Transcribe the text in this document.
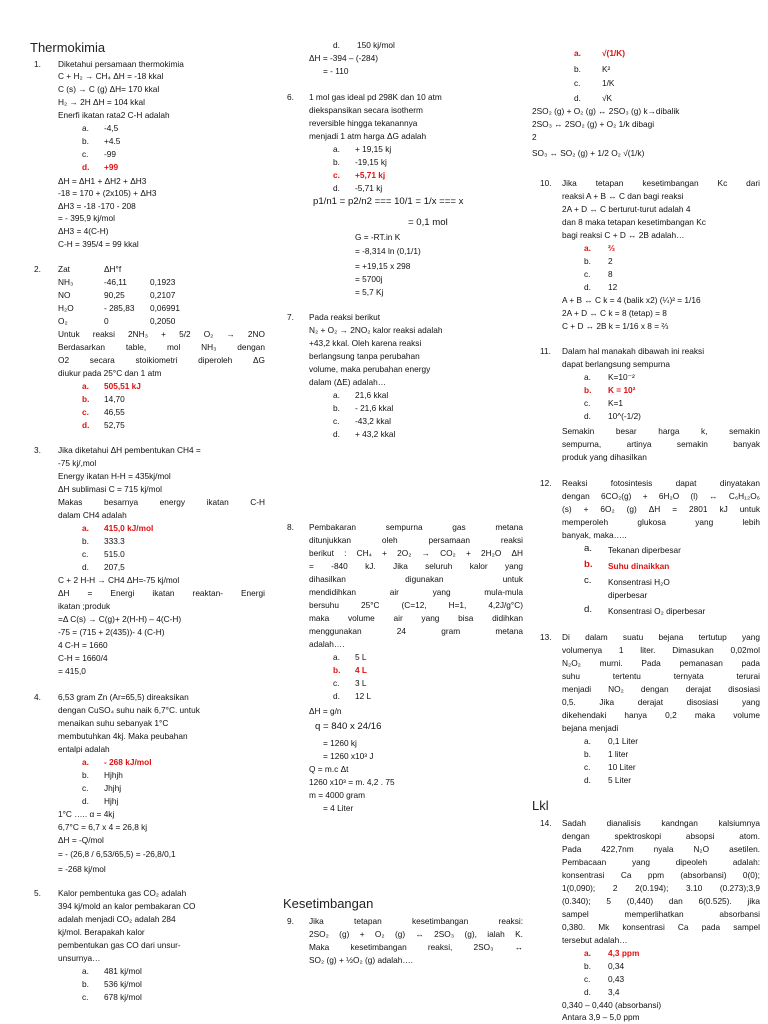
Thermokimia
1. Diketahui persamaan thermokimia
C + H₂ → CH₄ ΔH = -18 kkal
C (s) → C (g) ΔH= 170 kkal
H₂ → 2H ΔH = 104 kkal
Enerfi ikatan rata2 C-H adalah
a. -4,5
b. +4.5
c. -99
d. +99
ΔH = ΔH1 + ΔH2 + ΔH3
-18 = 170 + (2x105) + ΔH3
ΔH3 = -18 -170 - 208
= - 395,9 kj/mol
ΔH3 = 4(C-H)
C-H = 395/4 = 99 kkal
2. Zat	ΔH°f
NH₃	-46,11	0,1923
NO	90,25	0,2107
H₂O	- 285,83 0,06991
O₂	0	0,2050
Untuk reaksi 2NH₃ + 5/2 O₂ → 2NO
Berdasarkan table, mol NH₃ dengan
O2 secara stoikiometri diperoleh ΔG
diukur pada 25°C dan 1 atm
a. 505,51 kJ
b. 14,70
c. 46,55
d. 52,75
3. Jika diketahui ΔH pembentukan CH4 =
-75 kj/,mol
Energy ikatan H-H = 435kj/mol
ΔH sublimasi C = 715 kj/mol
Makas besarnya energy ikatan C-H
dalam CH4 adalah
a. 415,0 kJ/mol
b. 333.3
c. 515.0
d. 207,5
C + 2 H-H → CH4 ΔH=-75 kj/mol
ΔH = Energi ikatan reaktan- Energi
ikatan ;produk
=Δ C(s) → C(g)+ 2(H-H) – 4(C-H)
-75 = (715 + 2(435))- 4 (C-H)
4 C-H = 1660
C-H = 1660/4
= 415,0
4. 6,53 gram Zn (Ar=65,5) direaksikan
dengan CuSO₄ suhu naik 6,7°C. untuk
menaikan suhu sebanyak 1°C
membutuhkan 4kj. Maka peubahan
entalpi adalah
a. - 268 kJ/mol
b. Hjhjh
c. Jhjhj
d. Hjhj
1°C ….. α = 4kj
6,7°C = 6,7 x 4 = 26,8 kj
ΔH = -Q/mol
= - (26,8 / 6,53/65,5) = -26,8/0,1
= -268 kj/mol
5. Kalor pembentuka gas CO₂ adalah
394 kj/mold an kalor pembakaran CO
adalah menjadi CO₂ adalah 284
kj/mol. Berapakah kalor
pembentukan gas CO dari unsur-
unsurnya…
a. 481 kj/mol
b. 536 kj/mol
c. 678 kj/mol
d. 150 kj/mol
ΔH = -394 – (-284)
= - 110
6. 1 mol gas ideal pd 298K dan 10 atm
diekspansikan secara isotherm
reversible hingga tekanannya
menjadi 1 atm harga ΔG adalah
a. + 19,15 kj
b. -19,15 kj
c. +5,71 kj
d. -5,71 kj
p1/n1 = p2/n2 === 10/1 = 1/x === x
= 0,1 mol
G = -RT.in K
= -8,314 ln (0,1/1)
= +19,15 x 298
= 5700j
= 5,7 Kj
7. Pada reaksi berikut
N₂ + O₂ → 2NO₂ kalor reaksi adalah
+43,2 kkal. Oleh karena reaksi
berlangsung tanpa perubahan
volume, maka perubahan energy
dalam (ΔE) adalah…
a. 21,6 kkal
b. - 21,6 kkal
c. -43,2 kkal
d. + 43,2 kkal
8. Pembakaran sempurna gas metana
ditunjukkan oleh persamaan reaksi
berikut : CH₄ + 2O₂ → CO₂ + 2H₂O ΔH
= -840 kJ. Jika seluruh kalor yang
dihasilkan digunakan untuk
mendidihkan air yang mula-mula
bersuhu 25°C (C=12, H=1, 4,2J/g°C)
maka volume air yang bisa didihkan
menggunakan 24 gram metana
adalah….
a. 5 L
b. 4 L
c. 3 L
d. 12 L
ΔH = g/n
q = 840 x 24/16
= 1260 kj
= 1260 x10³ J
Q = m.c Δt
1260 x10³ = m. 4,2 . 75
m = 4000 gram
= 4 Liter
Kesetimbangan
9. Jika tetapan kesetimbangan reaksi:
2SO₂ (g) + O₂ (g) ↔ 2SO₃ (g), ialah K.
Maka kesetimbangan reaksi, 2SO₃ ↔
SO₂ (g) + ½O₂ (g) adalah….
a.	√(1/K)
b.	K²
c.	1/K
d.	√K
2SO₂ (g) + O₂ (g) ↔ 2SO₃ (g) k→dibalik
2SO₃ ↔ 2SO₂ (g) + O₂ 1/k dibagi
2
SO₃ ↔ SO₂ (g) + 1/2 O₂ √(1/k)
10. Jika tetapan kesetimbangan Kc dari
reaksi A + B ↔ C dan bagi reaksi
2A + D ↔ C berturut-turut adalah 4
dan 8 maka tetapan kesetimbangan Kc
bagi reaksi C + D ↔ 2B adalah…
a. ⅔
b. 2
c. 8
d. 12
A + B ↔ C k = 4 (balik x2) (¼)² = 1/16
2A + D ↔ C k = 8 (tetap) = 8
C + D ↔ 2B k = 1/16 x 8 = ⅔
11. Dalam hal manakah dibawah ini reaksi
dapat berlangsung sempurna
a. K=10⁻²
b. K = 10²
c. K=1
d. 10^(-1/2)
Semakin besar harga k, semakin
sempurna, artinya semakin banyak
produk yang dihasilkan
12. Reaksi fotosintesis dapat dinyatakan
dengan 6CO₂(g) + 6H₂O (l) ↔ C₆H₁₂O₆
(s) + 6O₂ (g) ΔH = 2801 kJ untuk
memperoleh glukosa yang lebih
banyak, maka…..
a. Tekanan diperbesar
b. Suhu dinaikkan
c. Konsentrasi H₂O
diperbesar
d. Konsentrasi O₂ diperbesar
13. Di dalam suatu bejana tertutup yang
volumenya 1 liter. Dimasukan 0,02mol
N₂O₂ murni. Pada pemanasan pada
suhu tertentu ternyata terurai
menjadi NO₂ dengan derajat disosiasi
0,5. Jika derajat disosiasi yang
dikehendaki hanya 0,2 maka volume
bejana menjadi
a. 0,1 Liter
b. 1 liter
c. 10 Liter
d. 5 Liter
Lkl
14. Sadah dianalisis kandngan kalsiumnya
dengan spektroskopi absopsi atom.
Pada 422,7nm nyala N₂O asetilen.
Pembacaan yang dipeoleh adalah:
konsentrasi Ca ppm (absorbansi) 0(0);
1(0,090); 2 2(0.194); 3.10 (0.273);3,9
(0.340); 5 (0,440) dan 6(0.525). jika
sampel memperlihatkan absorbansi
0,380. Mk konsentrasi Ca pada sampel
tersebut adalah…
a. 4,3 ppm
b. 0,34
c. 0,43
d. 3,4
0,340 – 0,440 (absorbansi)
Antara 3,9 – 5,0 ppm
